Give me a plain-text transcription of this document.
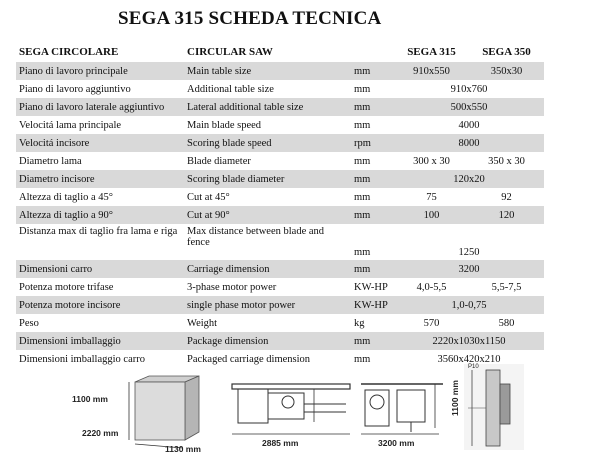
SEGA 315 SCHEDA TECNICA
SEGA CIRCOLARE	CIRCULAR SAW		SEGA 315	SEGA 350
Piano di lavoro principale	Main table size	mm	910x550	350x30
Piano di lavoro aggiuntivo	Additional table size	mm	910x760	
Piano di lavoro laterale aggiuntivo	Lateral additional table size	mm	500x550	
Velocitá lama principale	Main blade speed	mm	4000	
Velocitá incisore	Scoring blade speed	rpm	8000	
Diametro lama	Blade diameter	mm	300 x 30	350 x 30
Diametro incisore	Scoring blade diameter	mm	120x20	
Altezza di taglio a 45°	Cut at 45°	mm	75	92
Altezza di taglio a 90°	Cut at 90°	mm	100	120
Distanza max di taglio fra lama e riga	Max distance between blade and fence	mm	1250	
Dimensioni carro	Carriage dimension	mm	3200	
Potenza motore trifase	3-phase motor power	KW-HP	4,0-5,5	5,5-7,5
Potenza motore incisore	single phase motor power	KW-HP	1,0-0,75	
Peso	Weight	kg	570	580
Dimensioni imballaggio	Package dimension	mm	2220x1030x1150	
Dimensioni imballaggio carro	Packaged carriage dimension	mm	3560x420x210	
1100 mm
2220 mm
1130 mm
2885 mm	3200 mm
1100 mm
P10
